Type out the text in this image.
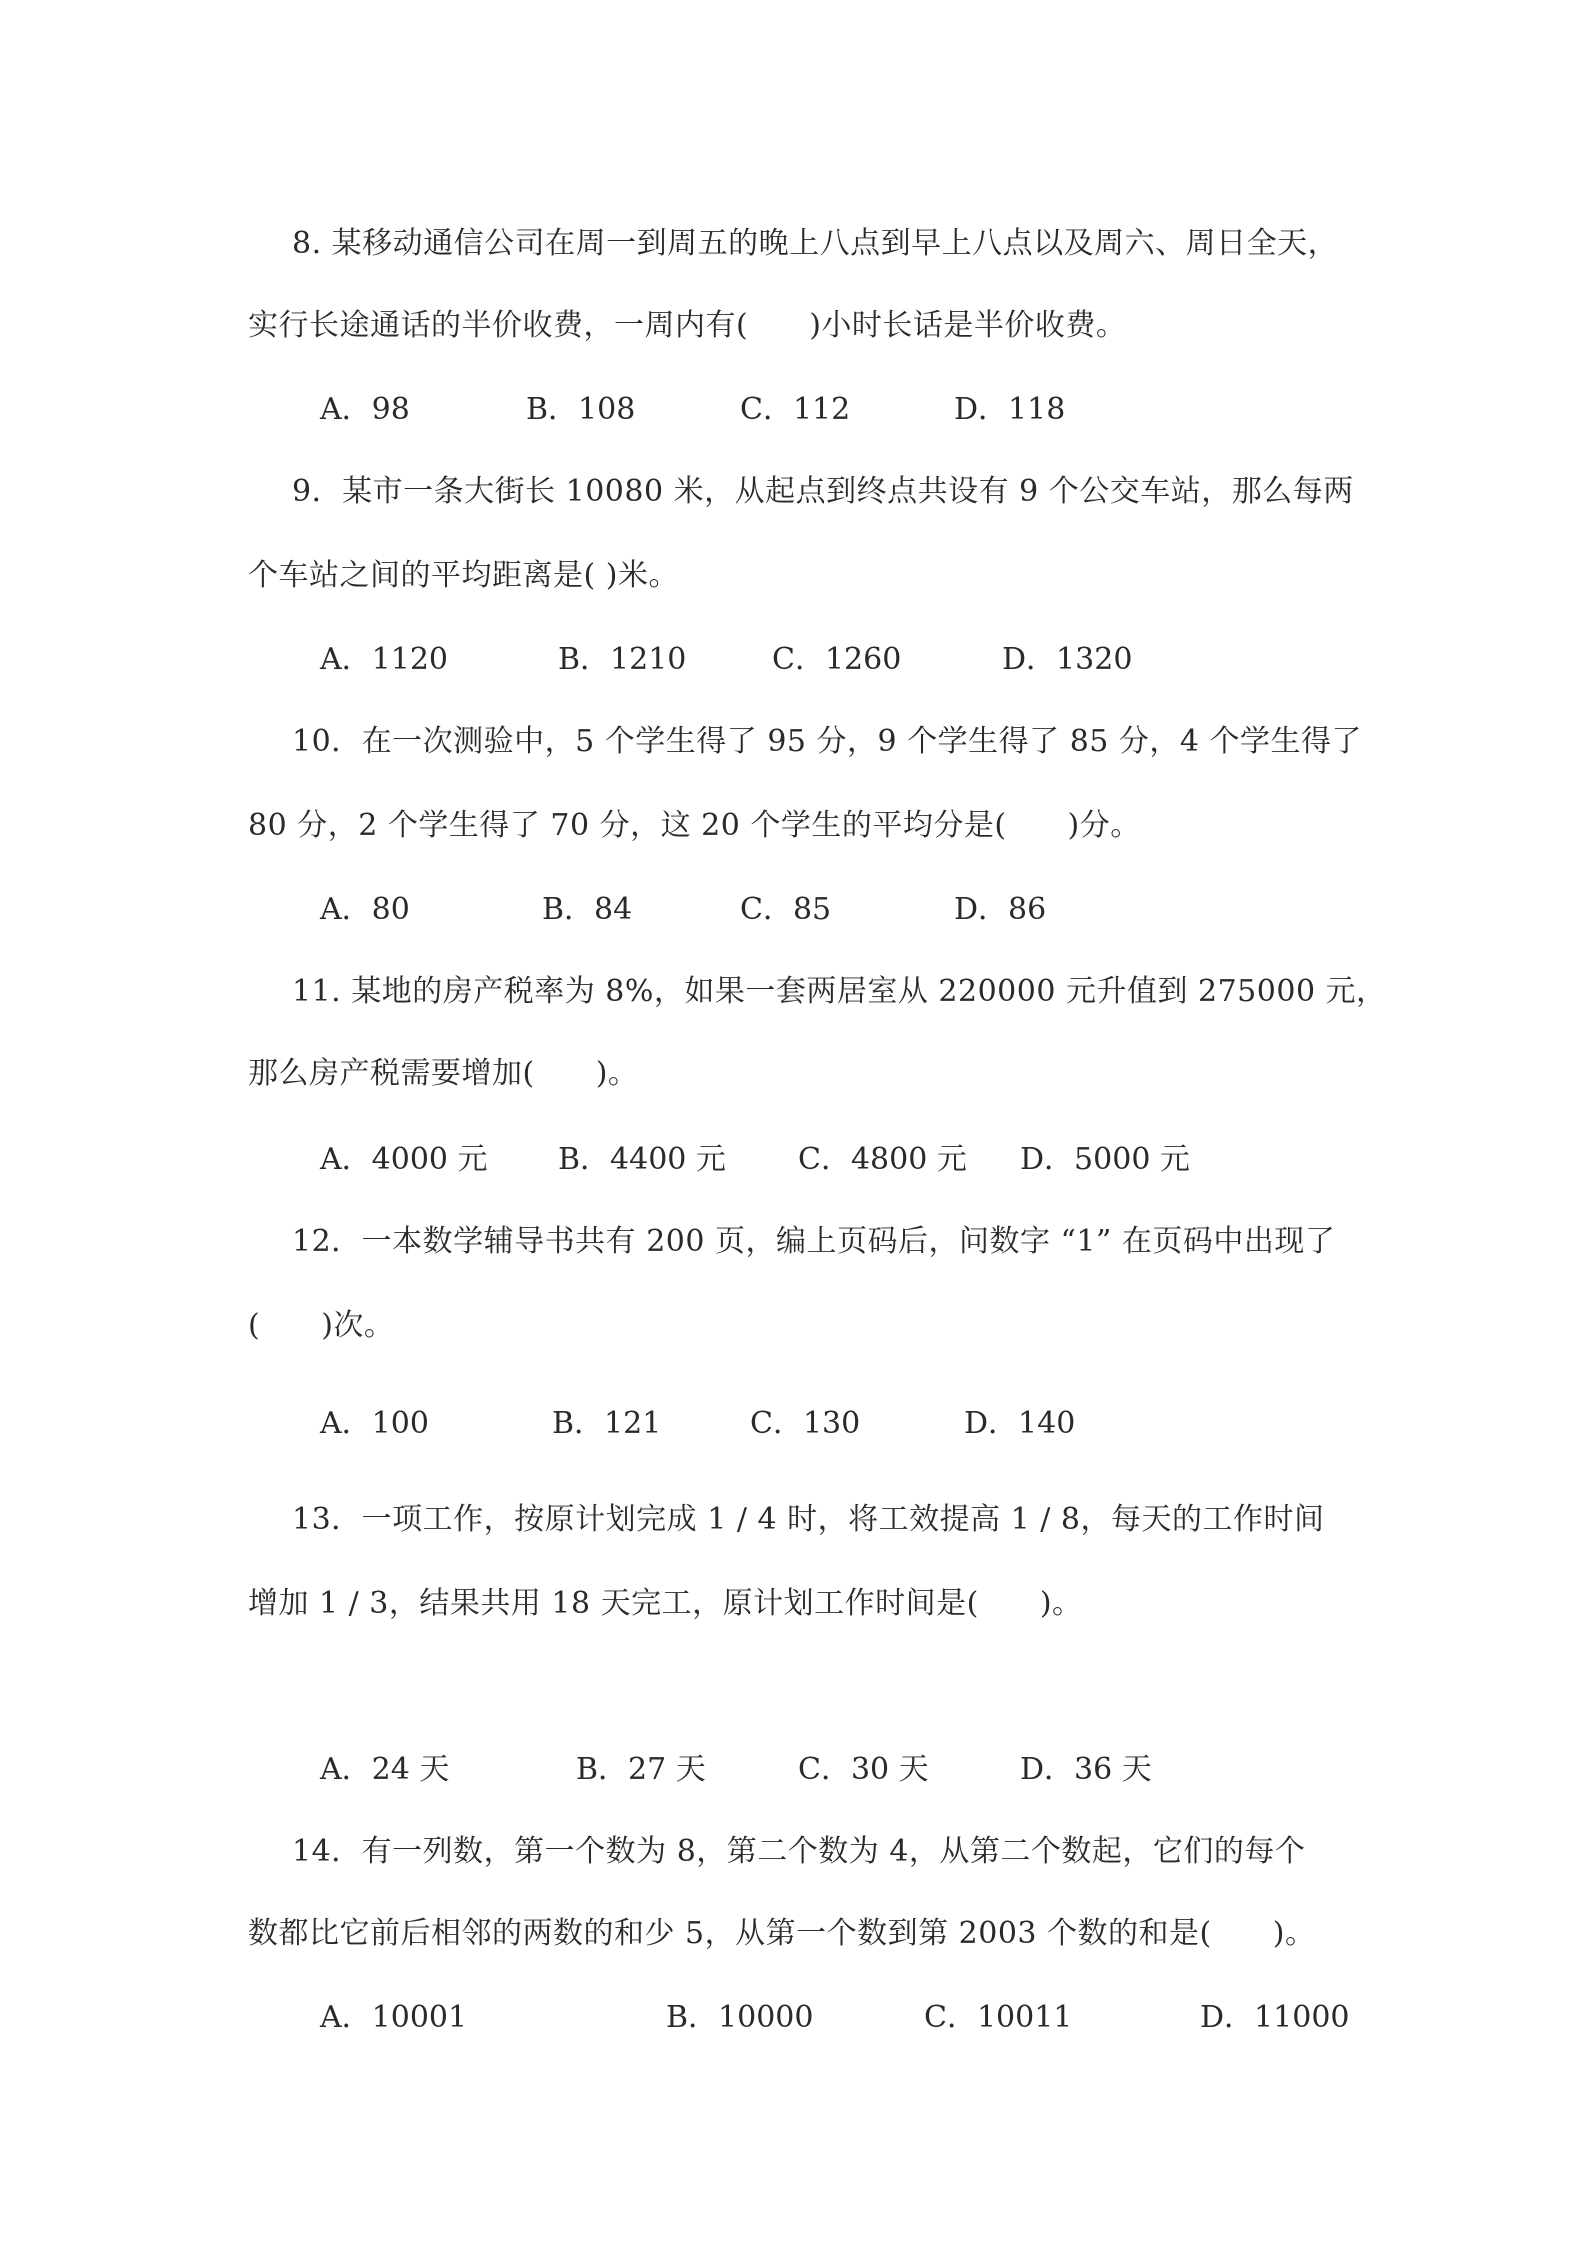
8. 某移动通信公司在周一到周五的晚上八点到早上八点以及周六、周日全天，
实行长途通话的半价收费，一周内有(　　)小时长话是半价收费。
A．98	B．108	C．112	D．118
9．某市一条大街长 10080 米，从起点到终点共设有 9 个公交车站，那么每两
个车站之间的平均距离是( )米。
A．1120	B．1210	C．1260	D．1320
10．在一次测验中，5 个学生得了 95 分，9 个学生得了 85 分，4 个学生得了
80 分，2 个学生得了 70 分，这 20 个学生的平均分是(　　)分。
A．80	B．84	C．85	D．86
11. 某地的房产税率为 8%，如果一套两居室从 220000 元升值到 275000 元，
那么房产税需要增加(　　)。
A．4000 元 B．4400 元 C．4800 元 D．5000 元
12．一本数学辅导书共有 200 页，编上页码后，问数字 “1” 在页码中出现了
(　　)次。
A．100	B．121	C．130	D．140
13．一项工作，按原计划完成 1 / 4 时，将工效提高 1 / 8，每天的工作时间
增加 1 / 3，结果共用 18 天完工，原计划工作时间是(　　)。
A．24 天	B．27 天	C．30 天	D．36 天
14．有一列数，第一个数为 8，第二个数为 4，从第二个数起，它们的每个
数都比它前后相邻的两数的和少 5，从第一个数到第 2003 个数的和是(　　)。
A．10001	B．10000	C．10011	D．11000
